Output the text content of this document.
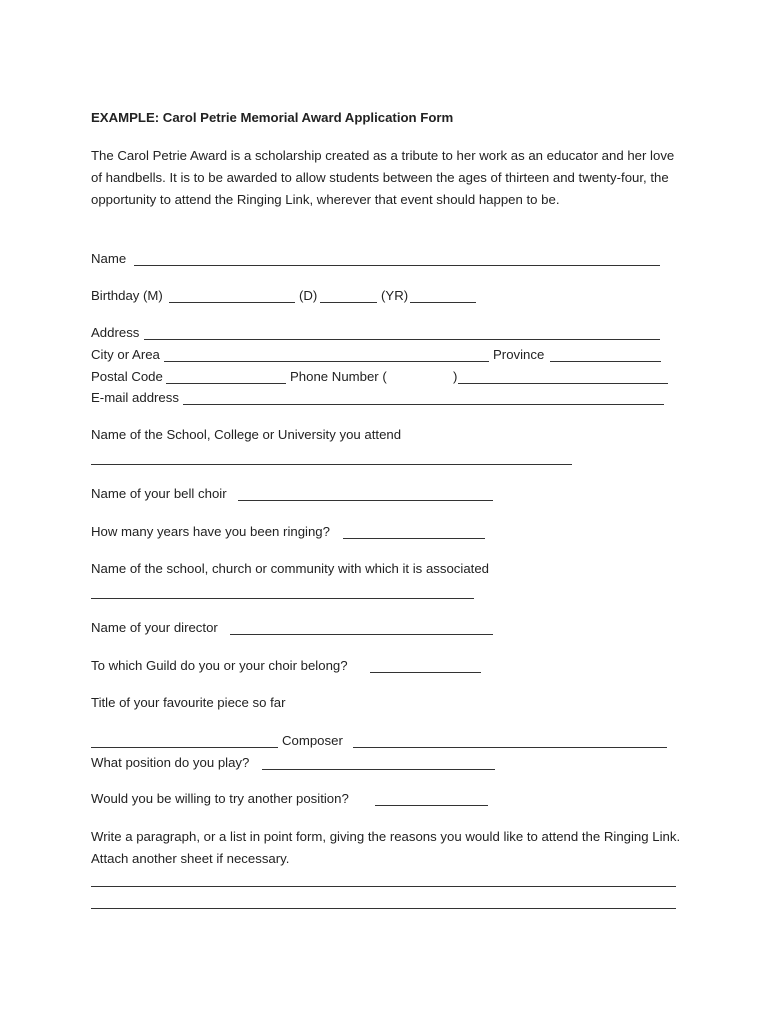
EXAMPLE: Carol Petrie Memorial Award Application Form
The Carol Petrie Award is a scholarship created as a tribute to her work as an educator and her love of handbells. It is to be awarded to allow students between the ages of thirteen and twenty-four, the opportunity to attend the Ringing Link, wherever that event should happen to be.
Name
Birthday (M)	(D)	(YR)
Address
City or Area	Province
Postal Code	Phone Number (	)
E-mail address
Name of the School, College or University you attend
Name of your bell choir
How many years have you been ringing?
Name of the school, church or community with which it is associated
Name of your director
To which Guild do you or your choir belong?
Title of your favourite piece so far
Composer
What position do you play?
Would you be willing to try another position?
Write a paragraph, or a list in point form, giving the reasons you would like to attend the Ringing Link. Attach another sheet if necessary.
